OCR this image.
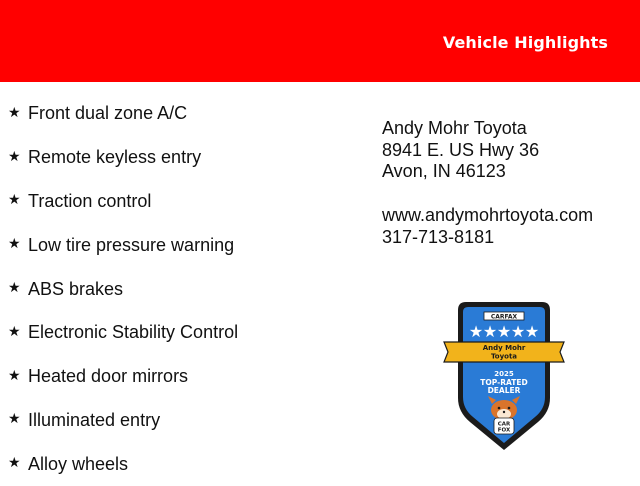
Vehicle Highlights
★ Front dual zone A/C
★ Remote keyless entry
★ Traction control
★ Low tire pressure warning
★ ABS brakes
★ Electronic Stability Control
★ Heated door mirrors
★ Illuminated entry
★ Alloy wheels
Andy Mohr Toyota
8941 E. US Hwy 36
Avon, IN 46123
www.andymohrtoyota.com
317-713-8181
CARFAX
★ ★ ★ ★ ★
Andy Mohr
Toyota
2025
TOP-RATED
DEALER
CAR
FOX
